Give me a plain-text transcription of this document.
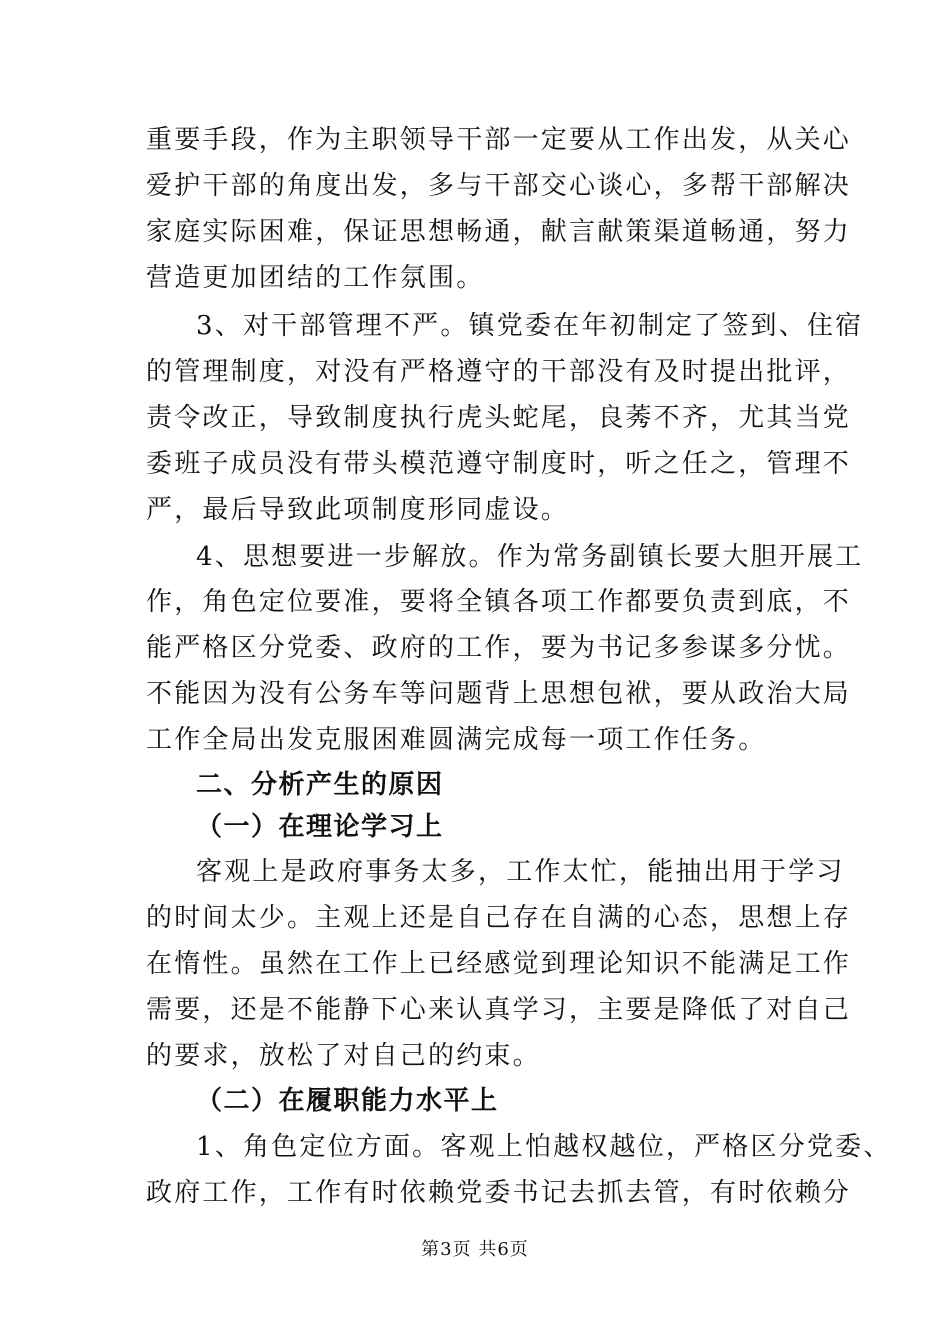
重要手段，作为主职领导干部一定要从工作出发，从关心
爱护干部的角度出发，多与干部交心谈心，多帮干部解决
家庭实际困难，保证思想畅通，献言献策渠道畅通，努力
营造更加团结的工作氛围。
3、对干部管理不严。镇党委在年初制定了签到、住宿
的管理制度，对没有严格遵守的干部没有及时提出批评，
责令改正，导致制度执行虎头蛇尾，良莠不齐，尤其当党
委班子成员没有带头模范遵守制度时，听之任之，管理不
严，最后导致此项制度形同虚设。
4、思想要进一步解放。作为常务副镇长要大胆开展工
作，角色定位要准，要将全镇各项工作都要负责到底，不
能严格区分党委、政府的工作，要为书记多参谋多分忧。
不能因为没有公务车等问题背上思想包袱，要从政治大局
工作全局出发克服困难圆满完成每一项工作任务。
二、分析产生的原因
（一）在理论学习上
客观上是政府事务太多，工作太忙，能抽出用于学习
的时间太少。主观上还是自己存在自满的心态，思想上存
在惰性。虽然在工作上已经感觉到理论知识不能满足工作
需要，还是不能静下心来认真学习，主要是降低了对自己
的要求，放松了对自己的约束。
（二）在履职能力水平上
1、角色定位方面。客观上怕越权越位，严格区分党委、
政府工作，工作有时依赖党委书记去抓去管，有时依赖分
第3页 共6页
